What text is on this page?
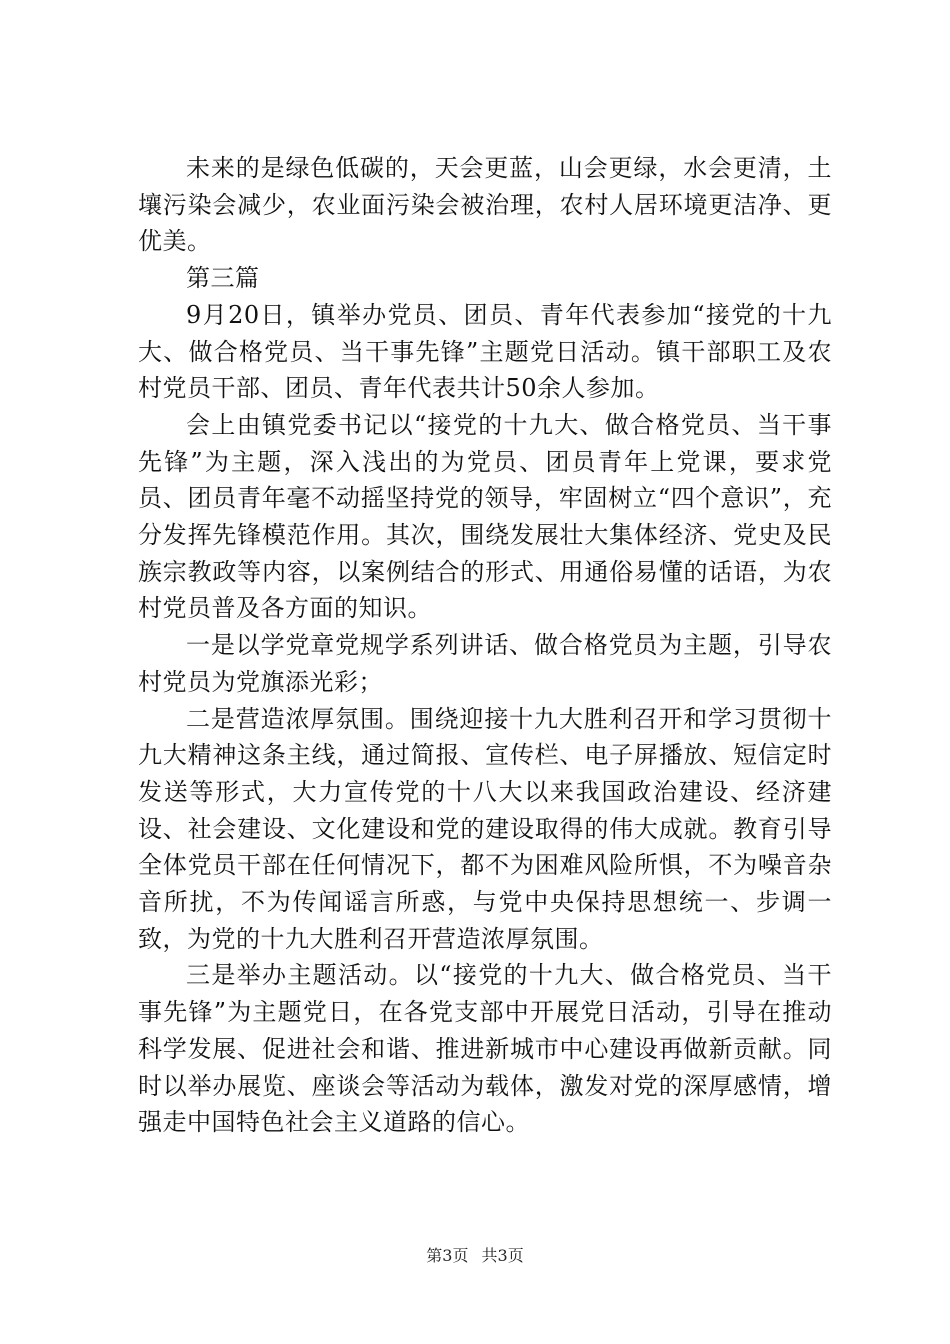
未来的是绿色低碳的，天会更蓝，山会更绿，水会更清，土壤污染会减少，农业面污染会被治理，农村人居环境更洁净、更优美。

第三篇

9月20日，镇举办党员、团员、青年代表参加“接党的十九大、做合格党员、当干事先锋”主题党日活动。镇干部职工及农村党员干部、团员、青年代表共计50余人参加。

会上由镇党委书记以“接党的十九大、做合格党员、当干事先锋”为主题，深入浅出的为党员、团员青年上党课，要求党员、团员青年毫不动摇坚持党的领导，牢固树立“四个意识”，充分发挥先锋模范作用。其次，围绕发展壮大集体经济、党史及民族宗教政等内容，以案例结合的形式、用通俗易懂的话语，为农村党员普及各方面的知识。

一是以学党章党规学系列讲话、做合格党员为主题，引导农村党员为党旗添光彩；

二是营造浓厚氛围。围绕迎接十九大胜利召开和学习贯彻十九大精神这条主线，通过简报、宣传栏、电子屏播放、短信定时发送等形式，大力宣传党的十八大以来我国政治建设、经济建设、社会建设、文化建设和党的建设取得的伟大成就。教育引导全体党员干部在任何情况下，都不为困难风险所惧，不为噪音杂音所扰，不为传闻谣言所惑，与党中央保持思想统一、步调一致，为党的十九大胜利召开营造浓厚氛围。

三是举办主题活动。以“接党的十九大、做合格党员、当干事先锋”为主题党日，在各党支部中开展党日活动，引导在推动科学发展、促进社会和谐、推进新城市中心建设再做新贡献。同时以举办展览、座谈会等活动为载体，激发对党的深厚感情，增强走中国特色社会主义道路的信心。

第3页 共3页
